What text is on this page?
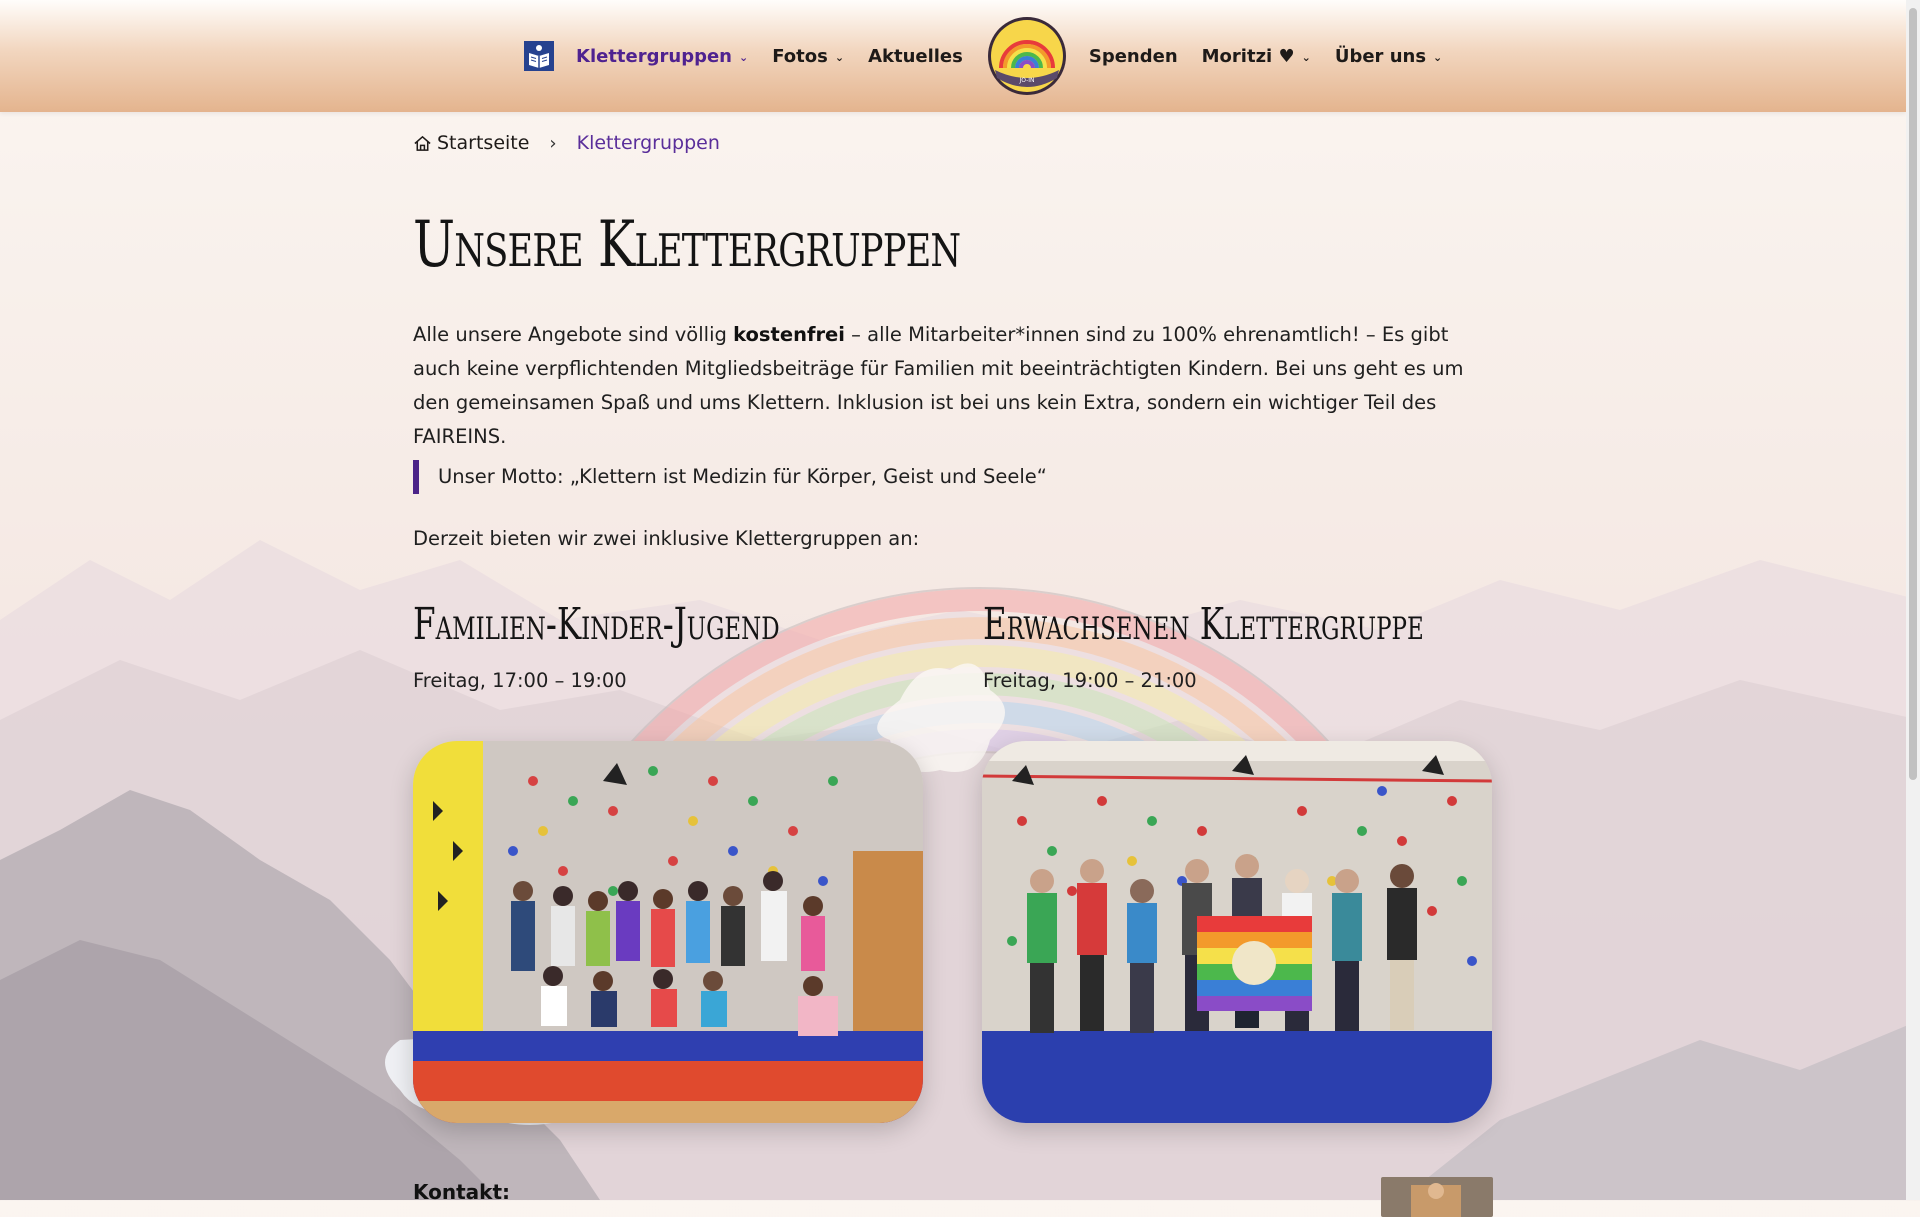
Klettergruppen ⌄ Fotos ⌄ Aktuelles
JO-IN
Spenden Moritzi ♥ ⌄ Über uns ⌄
Startseite › Klettergruppen
Unsere Klettergruppen

Alle unsere Angebote sind völlig kostenfrei – alle Mitarbeiter*innen sind zu 100% ehrenamtlich! – Es gibt auch keine verpflichtenden Mitgliedsbeiträge für Familien mit beeinträchtigten Kindern. Bei uns geht es um den gemeinsamen Spaß und ums Klettern. Inklusion ist bei uns kein Extra, sondern ein wichtiger Teil des FAIREINS.

Unser Motto: „Klettern ist Medizin für Körper, Geist und Seele“

Derzeit bieten wir zwei inklusive Klettergruppen an:

Familien-Kinder-Jugend
Freitag, 17:00 – 19:00
Erwachsenen Klettergruppe
Freitag, 19:00 – 21:00
Kontakt:
